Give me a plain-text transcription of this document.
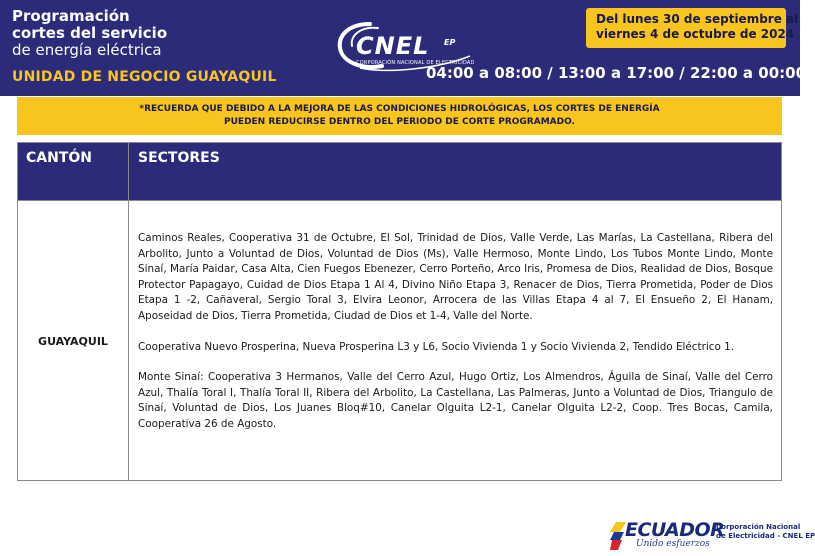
Programación
cortes del servicio
de energía eléctrica
UNIDAD DE NEGOCIO GUAYAQUIL
CNEL EP
CORPORACIÓN NACIONAL DE ELECTRICIDAD
Del lunes 30 de septiembre al
viernes 4 de octubre de 2024
04:00 a 08:00 / 13:00 a 17:00 / 22:00 a 00:00
*RECUERDA QUE DEBIDO A LA MEJORA DE LAS CONDICIONES HIDROLÓGICAS, LOS CORTES DE ENERGÍA
PUEDEN REDUCIRSE DENTRO DEL PERIODO DE CORTE PROGRAMADO.
CANTÓN	SECTORES
GUAYAQUIL

Caminos Reales, Cooperativa 31 de Octubre, El Sol, Trinidad de Dios, Valle Verde, Las Marías, La Castellana, Ribera del Arbolito, Junto a Voluntad de Dios, Voluntad de Dios (Ms), Valle Hermoso, Monte Lindo, Los Tubos Monte Lindo, Monte Sinaí, María Paidar, Casa Alta, Cien Fuegos Ebenezer, Cerro Porteño, Arco Iris, Promesa de Dios, Realidad de Dios, Bosque Protector Papagayo, Cuidad de Dios Etapa 1 Al 4, Divino Niño Etapa 3, Renacer de Dios, Tierra Prometida, Poder de Dios Etapa 1 -2, Cañaveral, Sergio Toral 3, Elvira Leonor, Arrocera de las Villas Etapa 4 al 7, El Ensueño 2, El Hanam, Aposeidad de Dios, Tierra Prometida, Ciudad de Dios et 1-4, Valle del Norte.

Cooperativa Nuevo Prosperina, Nueva Prosperina L3 y L6, Socio Vivienda 1 y Socio Vivienda 2, Tendido Eléctrico 1.

Monte Sinaí: Cooperativa 3 Hermanos, Valle del Cerro Azul, Hugo Ortiz, Los Almendros, Águila de Sinaí, Valle del Cerro Azul, Thalía Toral I, Thalía Toral II, Ribera del Arbolito, La Castellana, Las Palmeras, Junto a Voluntad de Dios, Triangulo de Sinaí, Voluntad de Dios, Los Juanes Bloq#10, Canelar Olguita L2-1, Canelar Olguita L2-2, Coop. Tres Bocas, Camila, Cooperativa 26 de Agosto.

ECUADOR
Unido esfuerzos
Corporación Nacional
de Electricidad - CNEL EP
